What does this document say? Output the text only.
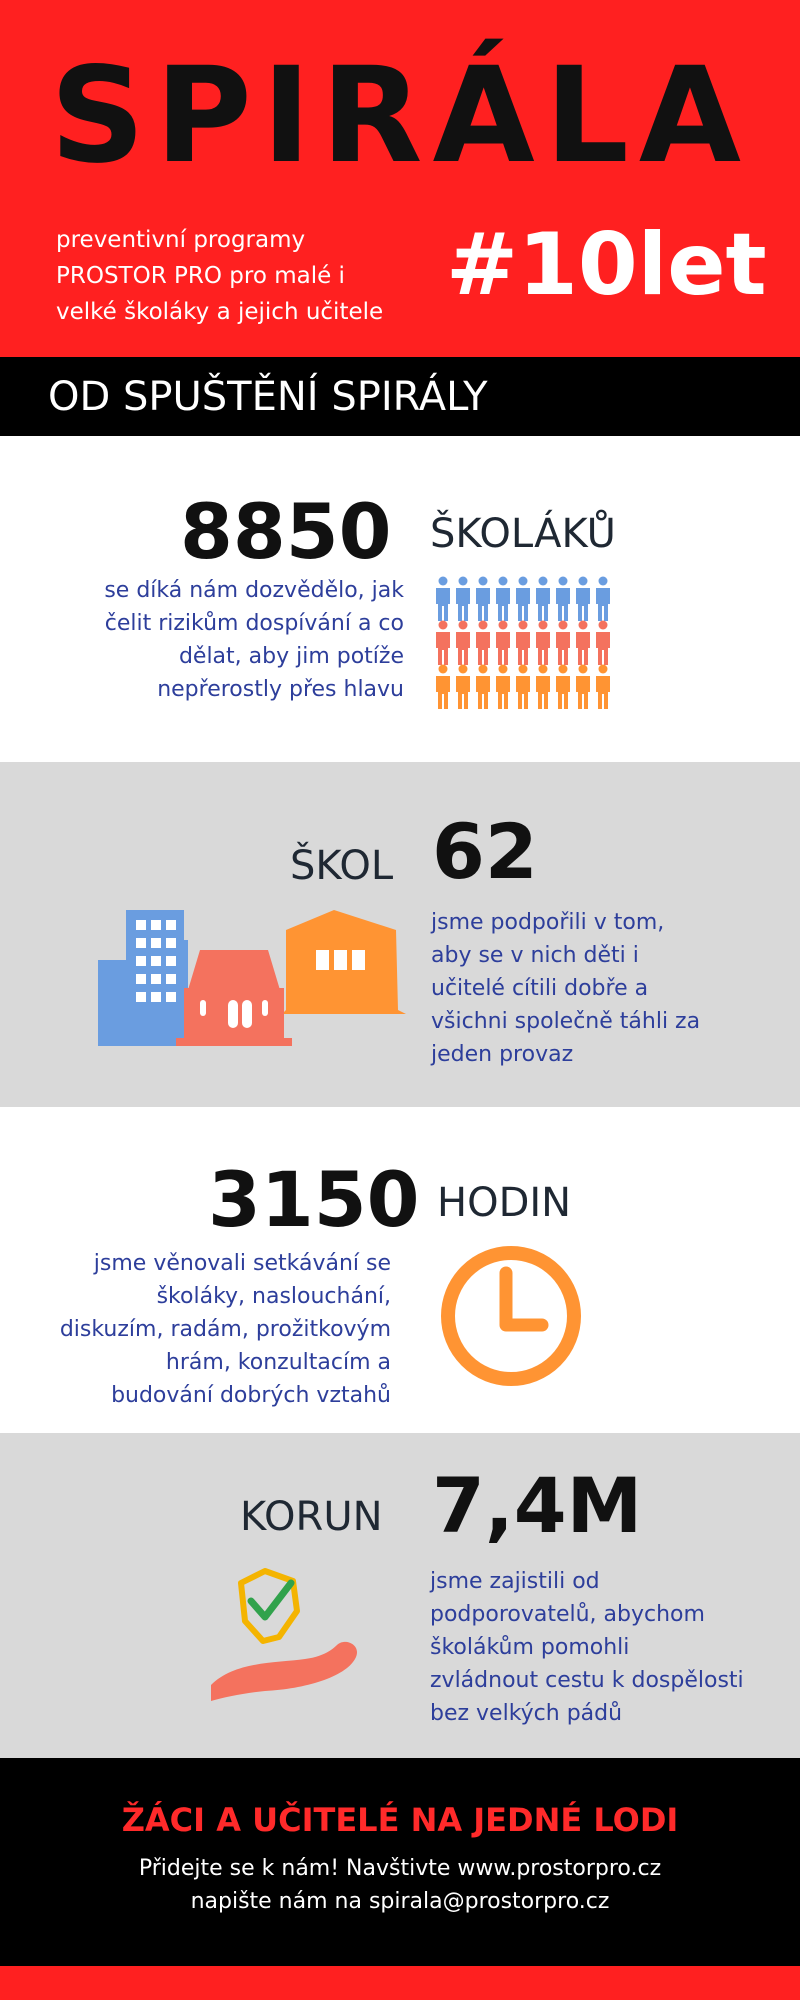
SPIRÁLA
preventivní programy
PROSTOR PRO pro malé i
velké školáky a jejich učitele #10let
OD SPUŠTĚNÍ SPIRÁLY
8850 ŠKOLÁKŮ
se díká nám dozvědělo, jak
čelit rizikům dospívání a co
dělat, aby jim potíže
nepřerostly přes hlavu
ŠKOL 62
jsme podpořili v tom,
aby se v nich děti i
učitelé cítili dobře a
všichni společně táhli za
jeden provaz
3150 HODIN
jsme věnovali setkávání se
školáky, naslouchání,
diskuzím, radám, prožitkovým
hrám, konzultacím a
budování dobrých vztahů
KORUN 7,4M
jsme zajistili od
podporovatelů, abychom
školákům pomohli
zvládnout cestu k dospělosti
bez velkých pádů
ŽÁCI A UČITELÉ NA JEDNÉ LODI
Přidejte se k nám! Navštivte www.prostorpro.cz
napište nám na spirala@prostorpro.cz
